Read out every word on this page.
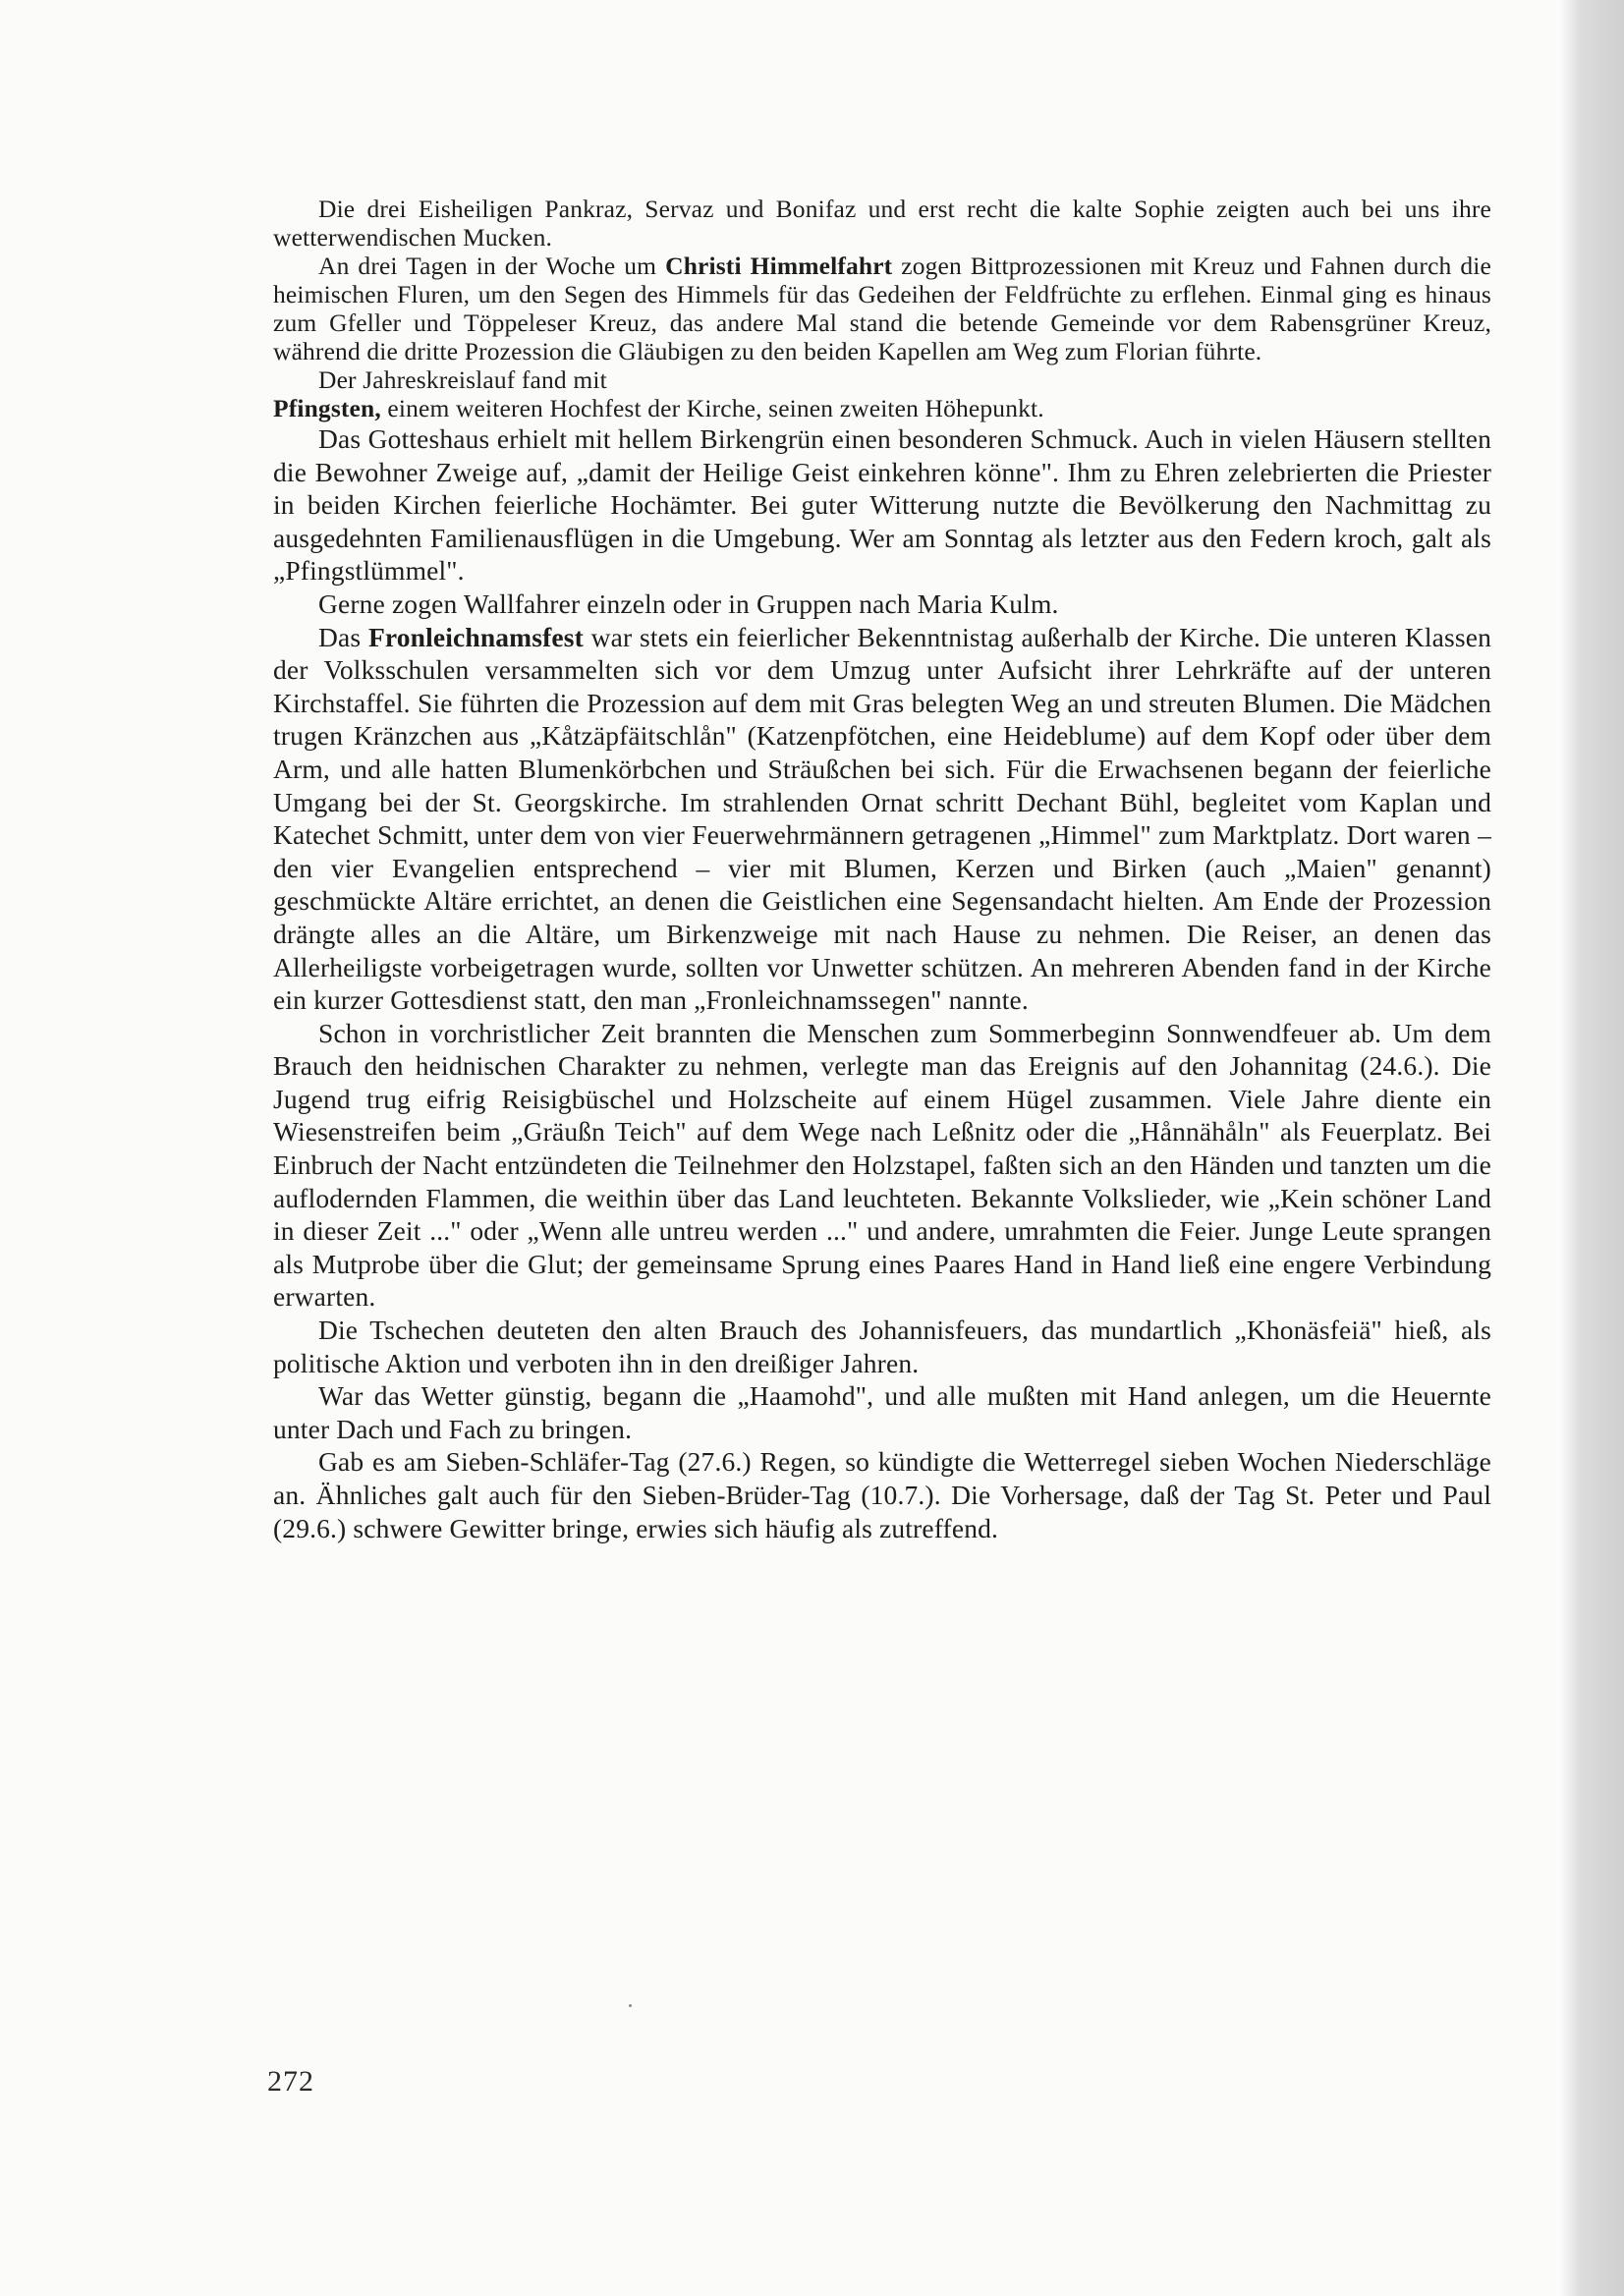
Die drei Eisheiligen Pankraz, Servaz und Bonifaz und erst recht die kalte Sophie zeigten auch bei uns ihre wetterwendischen Mucken.

An drei Tagen in der Woche um Christi Himmelfahrt zogen Bittprozessionen mit Kreuz und Fahnen durch die heimischen Fluren, um den Segen des Himmels für das Gedeihen der Feldfrüchte zu erflehen. Einmal ging es hinaus zum Gfeller und Töppeleser Kreuz, das andere Mal stand die betende Gemeinde vor dem Rabensgrüner Kreuz, während die dritte Prozession die Gläubigen zu den beiden Kapellen am Weg zum Florian führte.

Der Jahreskreislauf fand mit

Pfingsten, einem weiteren Hochfest der Kirche, seinen zweiten Höhepunkt.

Das Gotteshaus erhielt mit hellem Birkengrün einen besonderen Schmuck. Auch in vielen Häusern stellten die Bewohner Zweige auf, „damit der Heilige Geist einkehren könne". Ihm zu Ehren zelebrierten die Priester in beiden Kirchen feierliche Hochämter. Bei guter Witterung nutzte die Bevölkerung den Nachmittag zu ausgedehnten Familienausflügen in die Umgebung. Wer am Sonntag als letzter aus den Federn kroch, galt als „Pfingstlümmel".

Gerne zogen Wallfahrer einzeln oder in Gruppen nach Maria Kulm.

Das Fronleichnamsfest war stets ein feierlicher Bekenntnistag außerhalb der Kirche. Die unteren Klassen der Volksschulen versammelten sich vor dem Umzug unter Aufsicht ihrer Lehrkräfte auf der unteren Kirchstaffel. Sie führten die Prozession auf dem mit Gras belegten Weg an und streuten Blumen. Die Mädchen trugen Kränzchen aus „Kåtzäpfäitschlån" (Katzenpfötchen, eine Heideblume) auf dem Kopf oder über dem Arm, und alle hatten Blumenkörbchen und Sträußchen bei sich. Für die Erwachsenen begann der feierliche Umgang bei der St. Georgskirche. Im strahlenden Ornat schritt Dechant Bühl, begleitet vom Kaplan und Katechet Schmitt, unter dem von vier Feuerwehrmännern getragenen „Himmel" zum Marktplatz. Dort waren – den vier Evangelien entsprechend – vier mit Blumen, Kerzen und Birken (auch „Maien" genannt) geschmückte Altäre errichtet, an denen die Geistlichen eine Segensandacht hielten. Am Ende der Prozession drängte alles an die Altäre, um Birkenzweige mit nach Hause zu nehmen. Die Reiser, an denen das Allerheiligste vorbeigetragen wurde, sollten vor Unwetter schützen. An mehreren Abenden fand in der Kirche ein kurzer Gottesdienst statt, den man „Fronleichnamssegen" nannte.

Schon in vorchristlicher Zeit brannten die Menschen zum Sommerbeginn Sonnwendfeuer ab. Um dem Brauch den heidnischen Charakter zu nehmen, verlegte man das Ereignis auf den Johannitag (24.6.). Die Jugend trug eifrig Reisigbüschel und Holzscheite auf einem Hügel zusammen. Viele Jahre diente ein Wiesenstreifen beim „Gräußn Teich" auf dem Wege nach Leßnitz oder die „Hånnähåln" als Feuerplatz. Bei Einbruch der Nacht entzündeten die Teilnehmer den Holzstapel, faßten sich an den Händen und tanzten um die auflodernden Flammen, die weithin über das Land leuchteten. Bekannte Volkslieder, wie „Kein schöner Land in dieser Zeit ..." oder „Wenn alle untreu werden ..." und andere, umrahmten die Feier. Junge Leute sprangen als Mutprobe über die Glut; der gemeinsame Sprung eines Paares Hand in Hand ließ eine engere Verbindung erwarten.

Die Tschechen deuteten den alten Brauch des Johannisfeuers, das mundartlich „Khonäsfeiä" hieß, als politische Aktion und verboten ihn in den dreißiger Jahren.

War das Wetter günstig, begann die „Haamohd", und alle mußten mit Hand anlegen, um die Heuernte unter Dach und Fach zu bringen.

Gab es am Sieben-Schläfer-Tag (27.6.) Regen, so kündigte die Wetterregel sieben Wochen Niederschläge an. Ähnliches galt auch für den Sieben-Brüder-Tag (10.7.). Die Vorhersage, daß der Tag St. Peter und Paul (29.6.) schwere Gewitter bringe, erwies sich häufig als zutreffend.

272
